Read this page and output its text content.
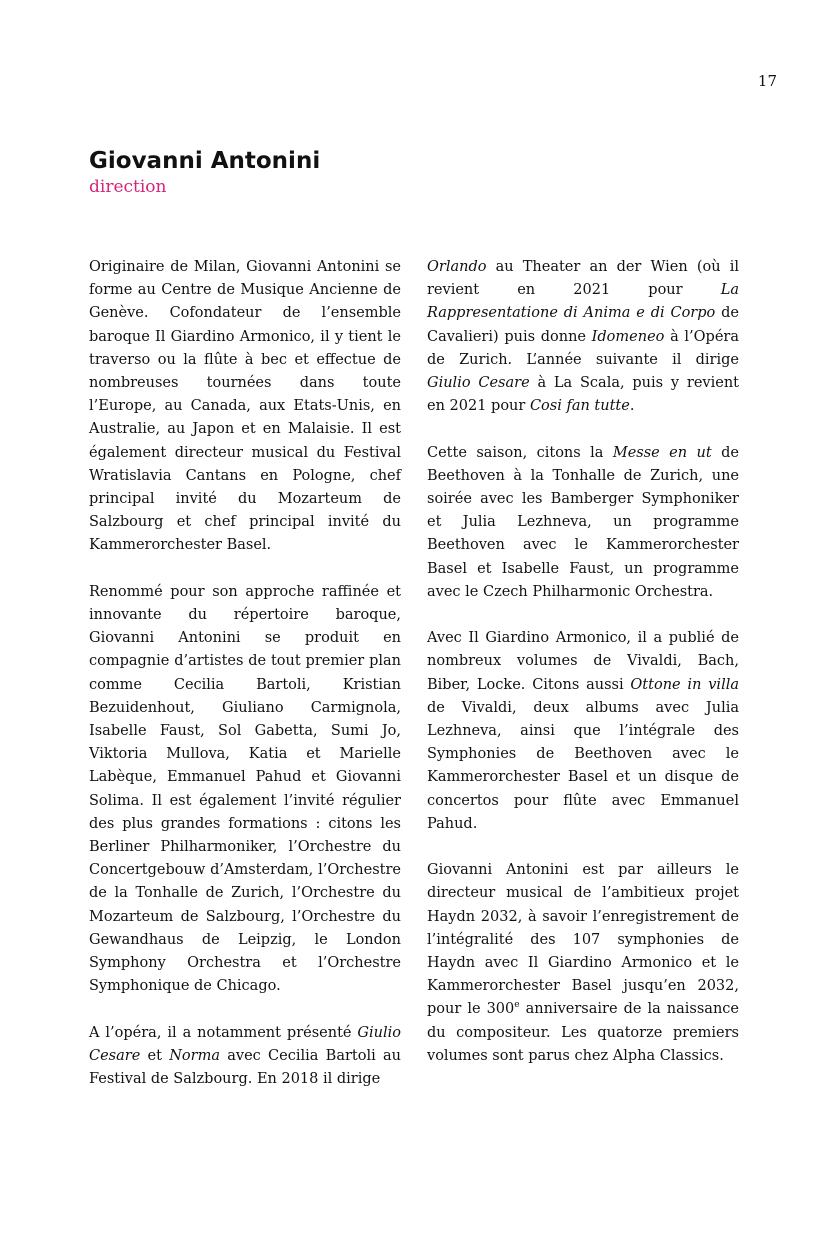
17
Giovanni Antonini
direction

Originaire de Milan, Giovanni Antonini se forme au Centre de Musique Ancienne de Genève. Cofondateur de l’ensemble baroque Il Giardino Armonico, il y tient le traverso ou la flûte à bec et effectue de nombreuses tournées dans toute l’Europe, au Canada, aux Etats-Unis, en Australie, au Japon et en Malaisie. Il est également directeur musical du Festival Wratislavia Cantans en Pologne, chef principal invité du Mozarteum de Salzbourg et chef principal invité du Kammerorchester Basel.

Renommé pour son approche raffinée et innovante du répertoire baroque, Giovanni Antonini se produit en compagnie d’artistes de tout premier plan comme Cecilia Bartoli, Kristian Bezuidenhout, Giuliano Carmignola, Isabelle Faust, Sol Gabetta, Sumi Jo, Viktoria Mullova, Katia et Marielle Labèque, Emmanuel Pahud et Giovanni Solima. Il est également l’invité régulier des plus grandes formations : citons les Berliner Philharmoniker, l’Orchestre du Concertgebouw d’Amsterdam, l’Orchestre de la Tonhalle de Zurich, l’Orchestre du Mozarteum de Salzbourg, l’Orchestre du Gewandhaus de Leipzig, le London Symphony Orchestra et l’Orchestre Symphonique de Chicago.

A l’opéra, il a notamment présenté Giulio Cesare et Norma avec Cecilia Bartoli au Festival de Salzbourg. En 2018 il dirige

Orlando au Theater an der Wien (où il revient en 2021 pour La Rappresentatione di Anima e di Corpo de Cavalieri) puis donne Idomeneo à l’Opéra de Zurich. L’année suivante il dirige Giulio Cesare à La Scala, puis y revient en 2021 pour Cosi fan tutte.

Cette saison, citons la Messe en ut de Beethoven à la Tonhalle de Zurich, une soirée avec les Bamberger Symphoniker et Julia Lezhneva, un programme Beethoven avec le Kammerorchester Basel et Isabelle Faust, un programme avec le Czech Philharmonic Orchestra.

Avec Il Giardino Armonico, il a publié de nombreux volumes de Vivaldi, Bach, Biber, Locke. Citons aussi Ottone in villa de Vivaldi, deux albums avec Julia Lezhneva, ainsi que l’intégrale des Symphonies de Beethoven avec le Kammerorchester Basel et un disque de concertos pour flûte avec Emmanuel Pahud.

Giovanni Antonini est par ailleurs le directeur musical de l’ambitieux projet Haydn 2032, à savoir l’enregistrement de l’intégralité des 107 symphonies de Haydn avec Il Giardino Armonico et le Kammerorchester Basel jusqu’en 2032, pour le 300e anniversaire de la naissance du compositeur. Les quatorze premiers volumes sont parus chez Alpha Classics.
